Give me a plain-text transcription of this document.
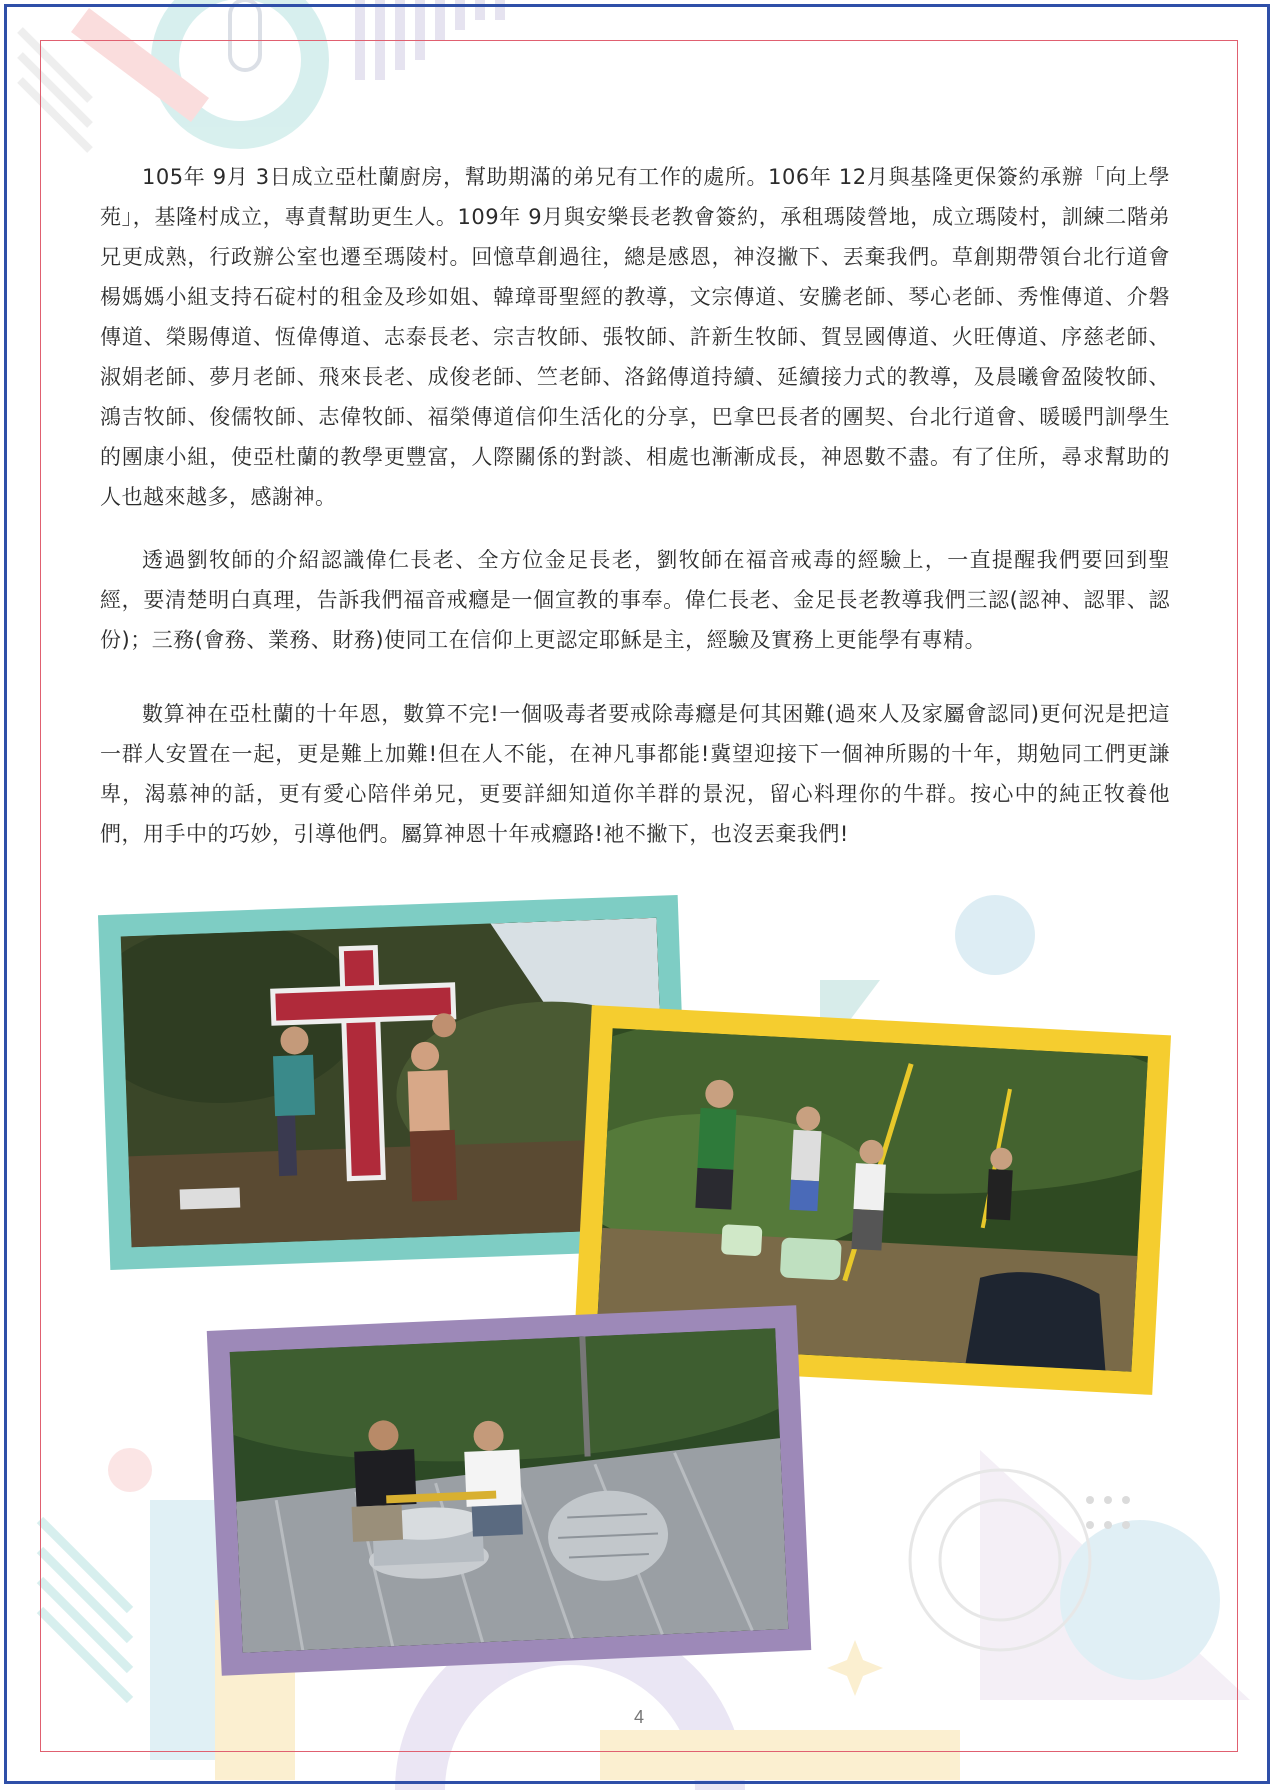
105年 9月 3日成立亞杜蘭廚房，幫助期滿的弟兄有工作的處所。106年 12月與基隆更保簽約承辦「向上學苑」，基隆村成立，專責幫助更生人。109年 9月與安樂長老教會簽約，承租瑪陵營地，成立瑪陵村，訓練二階弟兄更成熟，行政辦公室也遷至瑪陵村。回憶草創過往，總是感恩，神沒撇下、丟棄我們。草創期帶領台北行道會楊媽媽小組支持石碇村的租金及珍如姐、韓璋哥聖經的教導，文宗傳道、安騰老師、琴心老師、秀惟傳道、介磐傳道、榮賜傳道、恆偉傳道、志泰長老、宗吉牧師、張牧師、許新生牧師、賀昱國傳道、火旺傳道、序慈老師、淑娟老師、夢月老師、飛來長老、成俊老師、竺老師、洛銘傳道持續、延續接力式的教導，及晨曦會盈陵牧師、鴻吉牧師、俊儒牧師、志偉牧師、福榮傳道信仰生活化的分享，巴拿巴長者的團契、台北行道會、暖暖門訓學生的團康小組，使亞杜蘭的教學更豐富，人際關係的對談、相處也漸漸成長，神恩數不盡。有了住所，尋求幫助的人也越來越多，感謝神。
透過劉牧師的介紹認識偉仁長老、全方位金足長老，劉牧師在福音戒毒的經驗上，一直提醒我們要回到聖經，要清楚明白真理，告訴我們福音戒癮是一個宣教的事奉。偉仁長老、金足長老教導我們三認(認神、認罪、認份)；三務(會務、業務、財務)使同工在信仰上更認定耶穌是主，經驗及實務上更能學有專精。
數算神在亞杜蘭的十年恩，數算不完!一個吸毒者要戒除毒癮是何其困難(過來人及家屬會認同)更何況是把這一群人安置在一起，更是難上加難!但在人不能，在神凡事都能!冀望迎接下一個神所賜的十年，期勉同工們更謙卑，渴慕神的話，更有愛心陪伴弟兄，更要詳細知道你羊群的景況，留心料理你的牛群。按心中的純正牧養他們，用手中的巧妙，引導他們。屬算神恩十年戒癮路!祂不撇下，也沒丟棄我們!
4
